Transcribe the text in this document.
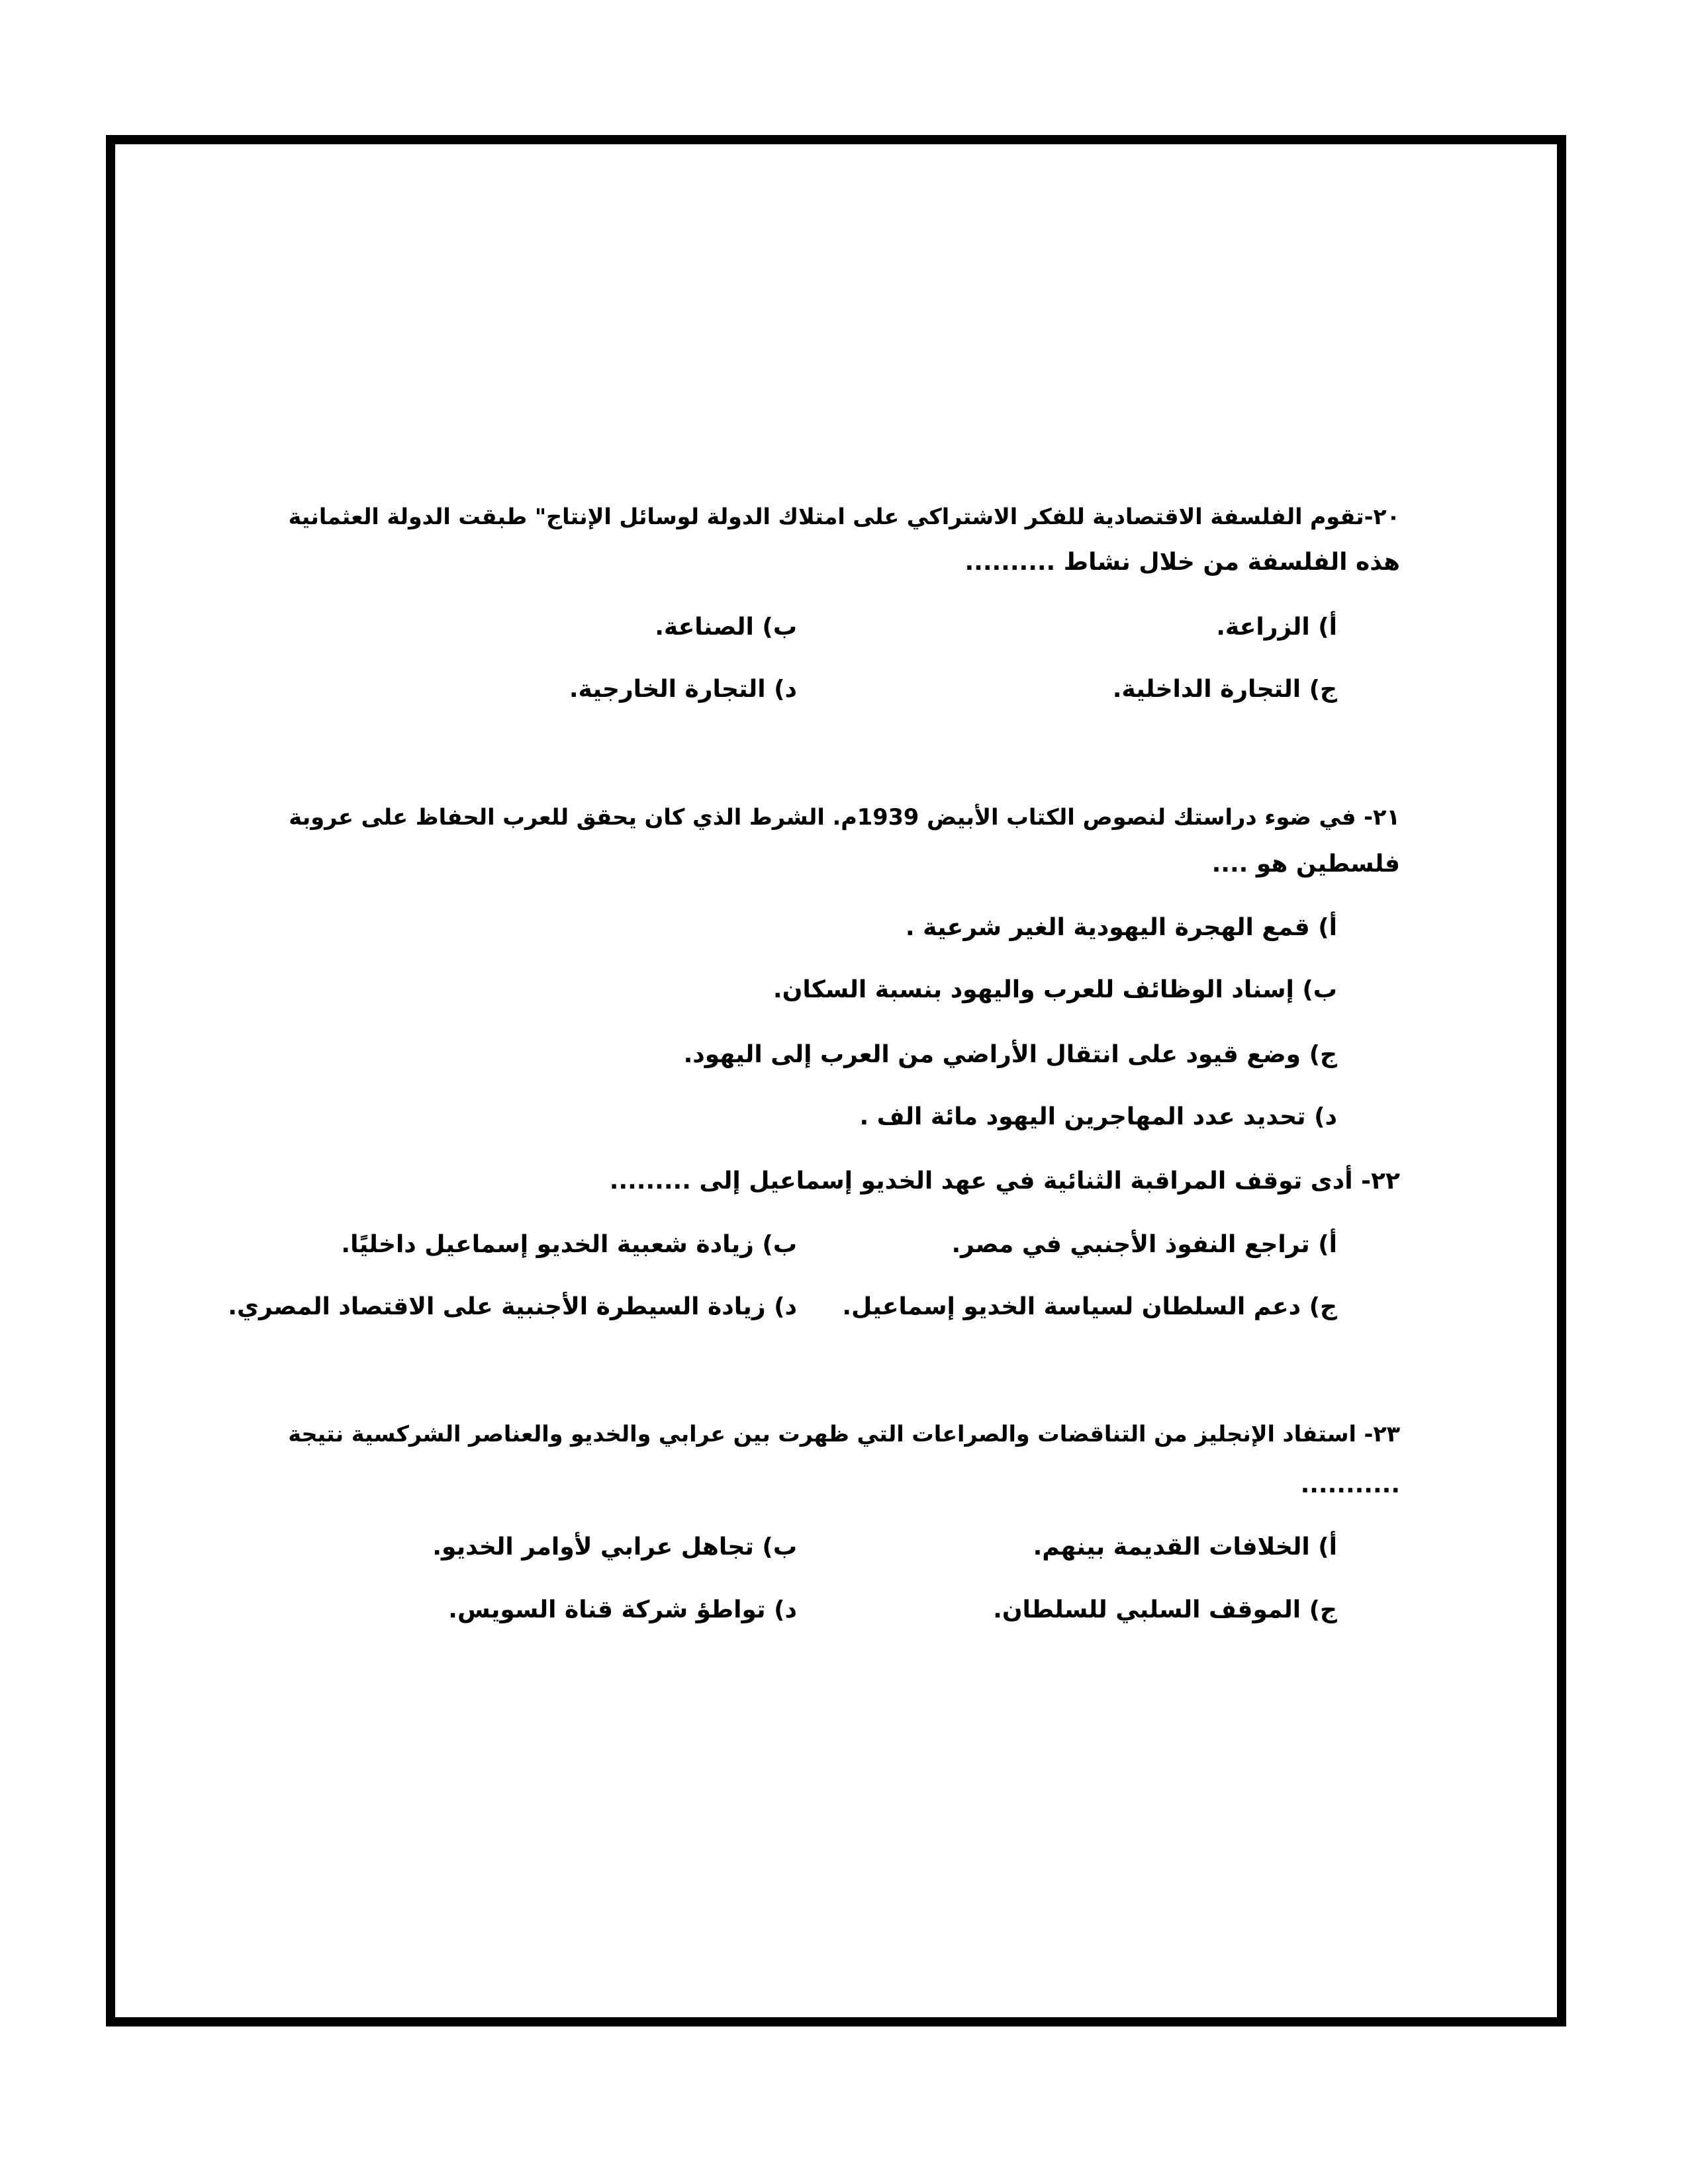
٢٠-تقوم الفلسفة الاقتصادية للفكر الاشتراكي على امتلاك الدولة لوسائل الإنتاج" طبقت الدولة العثمانية
هذه الفلسفة من خلال نشاط ..........
أ) الزراعة.
ب) الصناعة.
ج) التجارة الداخلية.
د) التجارة الخارجية.
٢١- في ضوء دراستك لنصوص الكتاب الأبيض 1939م. الشرط الذي كان يحقق للعرب الحفاظ على عروبة
فلسطين هو ....
أ) قمع الهجرة اليهودية الغير شرعية .
ب) إسناد الوظائف للعرب واليهود بنسبة السكان.
ج) وضع قيود على انتقال الأراضي من العرب إلى اليهود.
د) تحديد عدد المهاجرين اليهود مائة الف .
٢٢- أدى توقف المراقبة الثنائية في عهد الخديو إسماعيل إلى .........
أ) تراجع النفوذ الأجنبي في مصر.
ب) زيادة شعبية الخديو إسماعيل داخليًا.
ج) دعم السلطان لسياسة الخديو إسماعيل.
د) زيادة السيطرة الأجنبية على الاقتصاد المصري.
٢٣- استفاد الإنجليز من التناقضات والصراعات التي ظهرت بين عرابي والخديو والعناصر الشركسية نتيجة
...........
أ) الخلافات القديمة بينهم.
ب) تجاهل عرابي لأوامر الخديو.
ج) الموقف السلبي للسلطان.
د) تواطؤ شركة قناة السويس.
